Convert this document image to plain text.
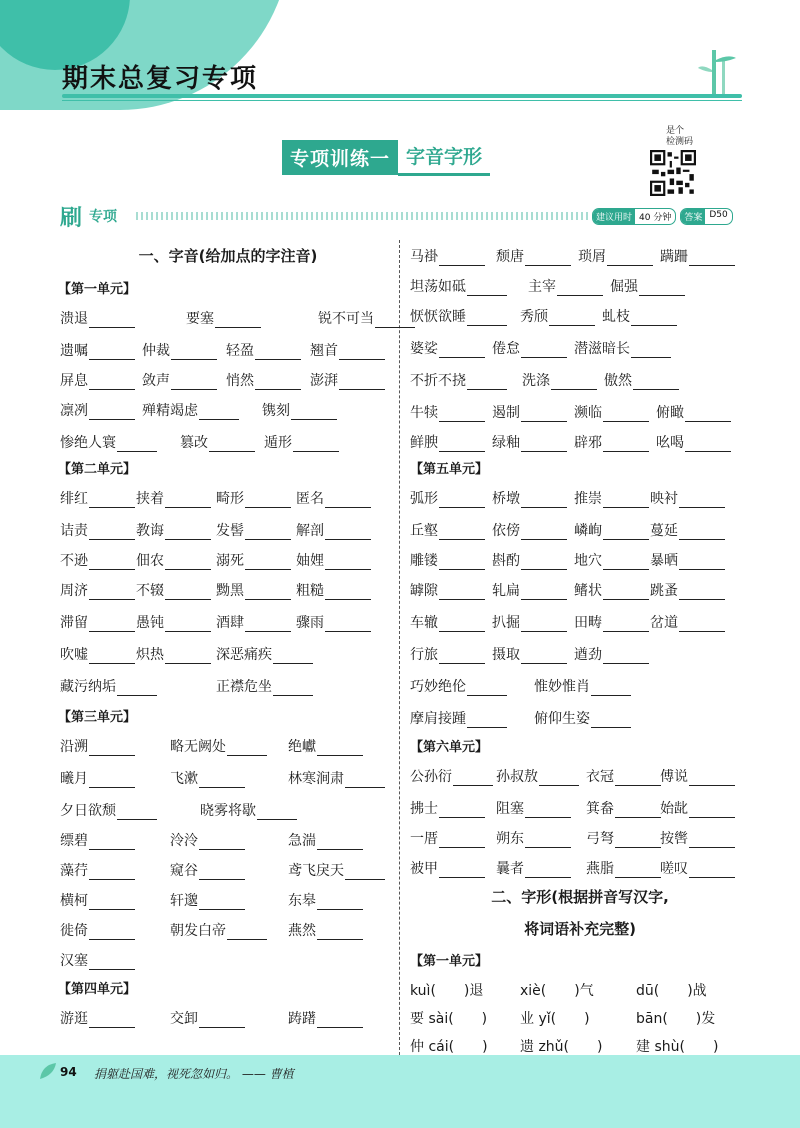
期末总复习专项
专项训练一 字音字形
是个
检测码
刷 专项	建议用时 40 分钟	答案 D50
一、字音(给加点的字注音)
【第一单元】
【第二单元】
【第三单元】
【第四单元】
溃退	要塞	锐不可当
遗嘱	仲裁	轻盈	翘首
屏息	敛声	悄然	澎湃
凛冽	殚精竭虑	镌刻
惨绝人寰	篡改	遁形
绯红	挟着	畸形	匿名
诘责	教诲	发髻	解剖
不逊	佃农	溺死	妯娌
周济	不辍	黝黑	粗糙
滞留	愚钝	酒肆	骤雨
吹嘘	炽热	深恶痛疾
藏污纳垢	正襟危坐
沿溯	略无阙处	绝巘
曦月	飞漱	林寒涧肃
夕日欲颓	晓雾将歇
缥碧	泠泠	急湍
藻荇	窥谷	鸢飞戾天
横柯	轩邈	东皋
徙倚	朝发白帝	燕然
汉塞
游逛	交卸	踌躇
【第五单元】
【第六单元】
二、字形(根据拼音写汉字,
将词语补充完整)
【第一单元】
马褂	颓唐	琐屑	蹒跚
坦荡如砥	主宰	倔强
恹恹欲睡	秀颀	虬枝
婆娑	倦怠	潜滋暗长
不折不挠	洗涤	傲然
牛犊	遏制	濒临	俯瞰
鲜腴	绿釉	辟邪	吆喝
弧形	桥墩	推崇	映衬
丘壑	依傍	嶙峋	蔓延
雕镂	斟酌	地穴	暴晒
罅隙	轧扁	鳍状	跳蚤
车辙	扒掘	田畴	岔道
行旅	摄取	遒劲
巧妙绝伦	惟妙惟肖
摩肩接踵	俯仰生姿
公孙衍	孙叔敖	衣冠	傅说
拂士	阻塞	箕畚	始龀
一厝	朔东	弓弩	按辔
被甲	曩者	燕脂	嗟叹
kuì(　　)退	xiè(　　)气	dū(　　)战
要 sài(　　) 业 yǐ(　　)	bān(　　)发
仲 cái(　　) 遗 zhǔ(　　) 建 shù(　　)
94 捐躯赴国难，视死忽如归。 —— 曹植
